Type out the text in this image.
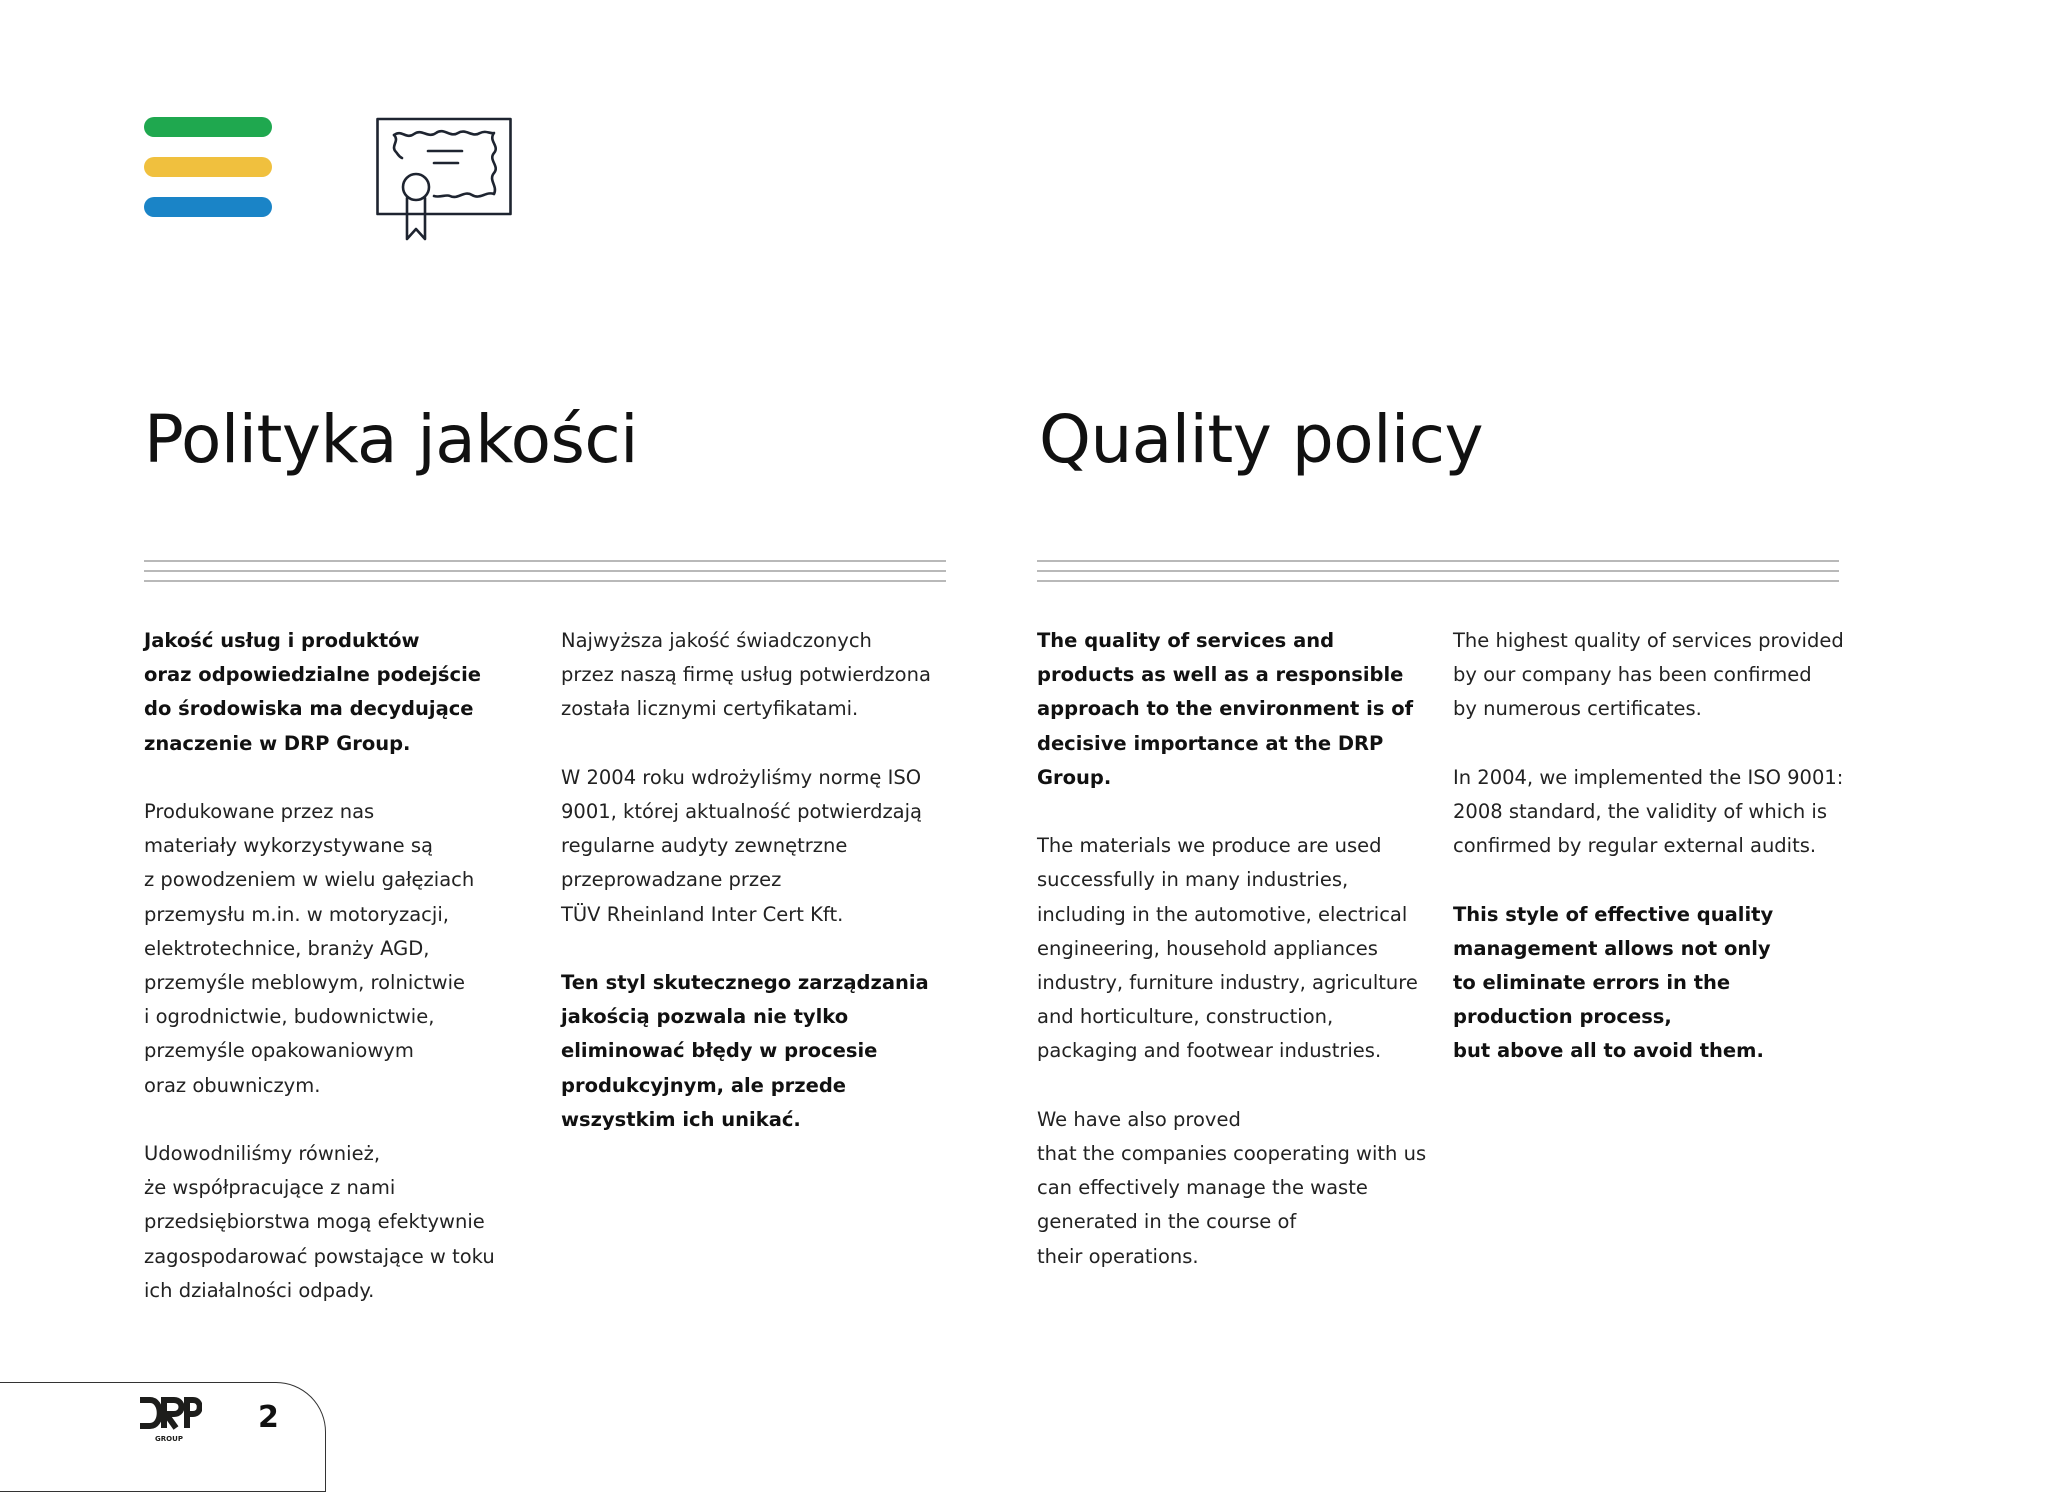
Polityka jakości	Quality policy

Jakość usług i produktów
oraz odpowiedzialne podejście
do środowiska ma decydujące
znaczenie w DRP Group.

Produkowane przez nas
materiały wykorzystywane są
z powodzeniem w wielu gałęziach
przemysłu m.in. w motoryzacji,
elektrotechnice, branży AGD,
przemyśle meblowym, rolnictwie
i ogrodnictwie, budownictwie,
przemyśle opakowaniowym
oraz obuwniczym.

Udowodniliśmy również,
że współpracujące z nami
przedsiębiorstwa mogą efektywnie
zagospodarować powstające w toku
ich działalności odpady.

Najwyższa jakość świadczonych
przez naszą firmę usług potwierdzona
została licznymi certyfikatami.

W 2004 roku wdrożyliśmy normę ISO
9001, której aktualność potwierdzają
regularne audyty zewnętrzne
przeprowadzane przez
TÜV Rheinland Inter Cert Kft.

Ten styl skutecznego zarządzania
jakością pozwala nie tylko
eliminować błędy w procesie
produkcyjnym, ale przede
wszystkim ich unikać.

The quality of services and
products as well as a responsible
approach to the environment is of
decisive importance at the DRP Group.

The materials we produce are used
successfully in many industries,
including in the automotive, electrical
engineering, household appliances
industry, furniture industry, agriculture
and horticulture, construction,
packaging and footwear industries.

We have also proved
that the companies cooperating with us
can effectively manage the waste
generated in the course of
their operations.

The highest quality of services provided
by our company has been confirmed
by numerous certificates.

In 2004, we implemented the ISO 9001:
2008 standard, the validity of which is
confirmed by regular external audits.

This style of effective quality
management allows not only
to eliminate errors in the
production process,
but above all to avoid them.

GROUP
2
